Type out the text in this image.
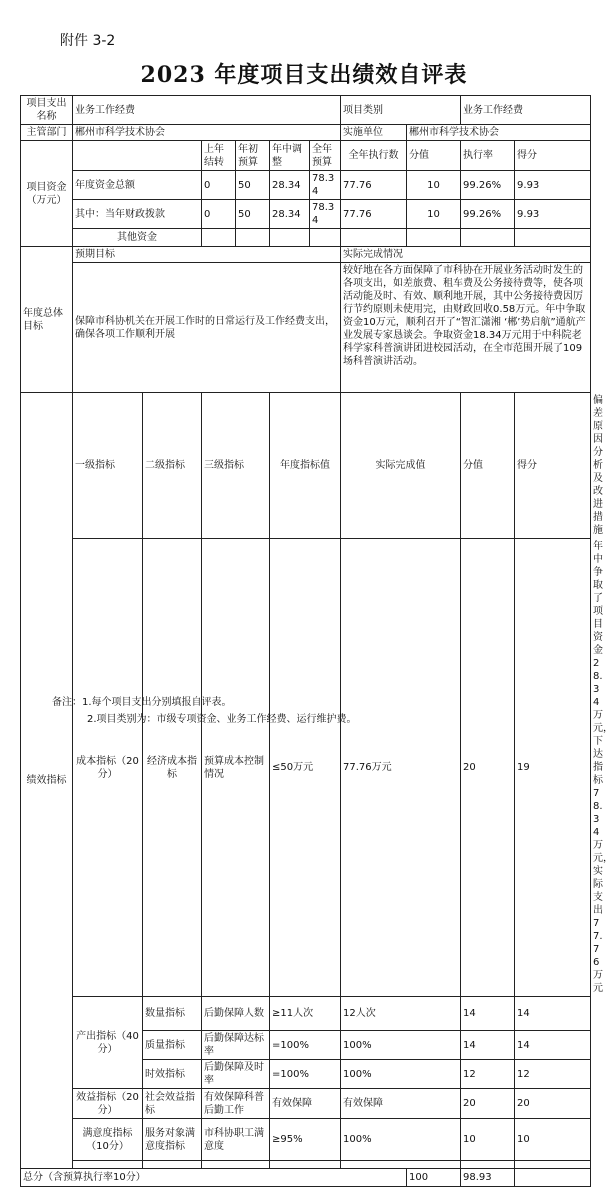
附件 3-2
2023 年度项目支出绩效自评表
项目支出名称	业务工作经费						项目类别		业务工作经费		
主管部门	郴州市科学技术协会						实施单位	郴州市科学技术协会			
项目资金（万元）			上年结转	年初预算	年中调整	全年预算	全年执行数	分值	执行率	得分	
	年度资金总额		0	50	28.34	78.34	77.76	10	99.26%	9.93	
	其中：当年财政拨款		0	50	28.34	78.34	77.76	10	99.26%	9.93	
	其他资金										
年度总体目标	预期目标						实际完成情况				
	保障市科协机关在开展工作时的日常运行及工作经费支出，确保各项工作顺利开展						较好地在各方面保障了市科协在开展业务活动时发生的各项支出，如差旅费、租车费及公务接待费等，使各项活动能及时、有效、顺利地开展，其中公务接待费因厉行节约原则未使用完，由财政回收0.58万元。年中争取资金10万元，顺利召开了“智汇潇湘 ‘郴’势启航”通航产业发展专家恳谈会。争取资金18.34万元用于中科院老科学家科普演讲团进校园活动，在全市范围开展了109场科普演讲活动。				
绩效指标	一级指标	二级指标	三级指标		年度指标值		实际完成值		分值	得分	偏差原因分析及改进措施
	成本指标（20分）	经济成本指标	预算成本控制情况		≤50万元		77.76万元		20	19	年中争取了项目资金28.34万元，下达指标78.34万元，实际支出77.76万元
	产出指标（40分）	数量指标	后勤保障人数		≥11人次		12人次		14	14	
		质量指标	后勤保障达标率		=100%		100%		14	14	
		时效指标	后勤保障及时率		=100%		100%		12	12	
	效益指标（20分）	社会效益指标	有效保障科普后勤工作		有效保障		有效保障		20	20	
	满意度指标（10分）	服务对象满意度指标	市科协职工满意度		≥95%		100%		10	10	

总分（含预算执行率10分）								100	98.93		
备注：1.每个项目支出分别填报自评表。
2.项目类别为：市级专项资金、业务工作经费、运行维护费。
